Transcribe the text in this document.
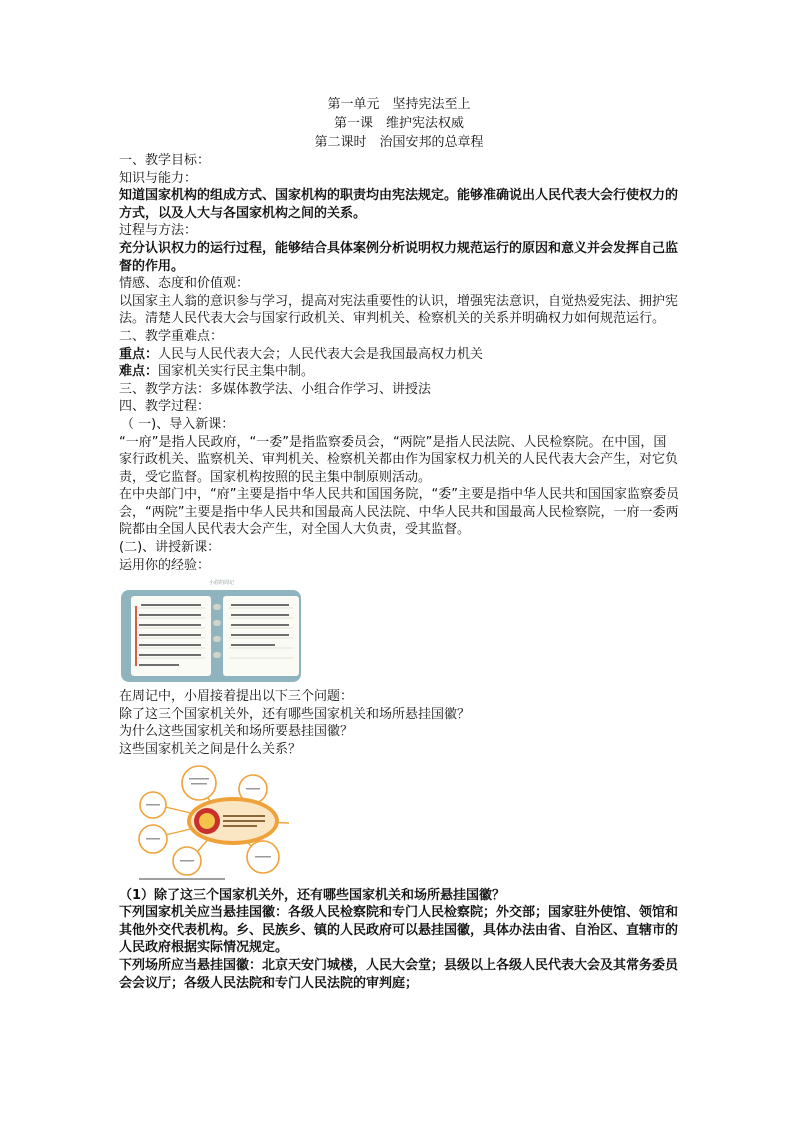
第一单元　坚持宪法至上
第一课　维护宪法权威
第二课时　治国安邦的总章程

一、教学目标：

知识与能力：

知道国家机构的组成方式、国家机构的职责均由宪法规定。能够准确说出人民代表大会行使权力的方式，以及人大与各国家机构之间的关系。

过程与方法：

充分认识权力的运行过程，能够结合具体案例分析说明权力规范运行的原因和意义并会发挥自己监督的作用。

情感、态度和价值观：

以国家主人翁的意识参与学习，提高对宪法重要性的认识，增强宪法意识，自觉热爱宪法、拥护宪法。清楚人民代表大会与国家行政机关、审判机关、检察机关的关系并明确权力如何规范运行。

二、教学重难点：

重点：人民与人民代表大会；人民代表大会是我国最高权力机关

难点：国家机关实行民主集中制。

三、教学方法：多媒体教学法、小组合作学习、讲授法

四、教学过程：

（ 一)、导入新课：

“一府”是指人民政府，“一委”是指监察委员会，“两院”是指人民法院、人民检察院。在中国，国家行政机关、监察机关、审判机关、检察机关都由作为国家权力机关的人民代表大会产生，对它负责，受它监督。国家机构按照的民主集中制原则活动。

在中央部门中，“府”主要是指中华人民共和国国务院，“委”主要是指中华人民共和国国家监察委员会，“两院”主要是指中华人民共和国最高人民法院、中华人民共和国最高人民检察院，一府一委两院都由全国人民代表大会产生，对全国人大负责，受其监督。

(二)、讲授新课：

运用你的经验：

小眉的周记

在周记中，小眉接着提出以下三个问题：

除了这三个国家机关外，还有哪些国家机关和场所悬挂国徽？

为什么这些国家机关和场所要悬挂国徽？

这些国家机关之间是什么关系？

（1）除了这三个国家机关外，还有哪些国家机关和场所悬挂国徽？

下列国家机关应当悬挂国徽：各级人民检察院和专门人民检察院；外交部；国家驻外使馆、领馆和其他外交代表机构。乡、民族乡、镇的人民政府可以悬挂国徽，具体办法由省、自治区、直辖市的人民政府根据实际情况规定。

下列场所应当悬挂国徽：北京天安门城楼，人民大会堂；县级以上各级人民代表大会及其常务委员会会议厅；各级人民法院和专门人民法院的审判庭；
